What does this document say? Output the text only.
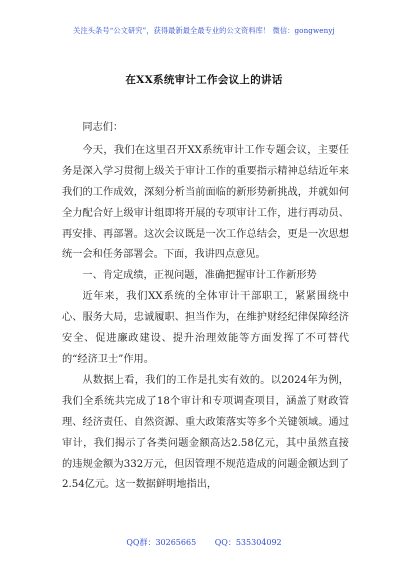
关注头条号“公文研究”，获得最新最全最专业的公文资料库！ 微信：gongwenyj
在XX系统审计工作会议上的讲话

同志们：

今天，我们在这里召开XX系统审计工作专题会议，主要任务是深入学习贯彻上级关于审计工作的重要指示精神总结近年来我们的工作成效，深刻分析当前面临的新形势新挑战，并就如何全力配合好上级审计组即将开展的专项审计工作，进行再动员、再安排、再部署。这次会议既是一次工作总结会，更是一次思想统一会和任务部署会。下面，我讲四点意见。

一、肯定成绩，正视问题，准确把握审计工作新形势

近年来，我们XX系统的全体审计干部职工，紧紧围绕中心、服务大局，忠诚履职、担当作为，在维护财经纪律保障经济安全、促进廉政建设、提升治理效能等方面发挥了不可替代的“经济卫士”作用。

从数据上看，我们的工作是扎实有效的。以2024年为例，我们全系统共完成了18个审计和专项调查项目，涵盖了财政管理、经济责任、自然资源、重大政策落实等多个关键领域。通过审计，我们揭示了各类问题金额高达2.58亿元，其中虽然直接的违规金额为332万元，但因管理不规范造成的问题金额达到了2.54亿元。这一数据鲜明地指出，

QQ群：30265665 QQ：535304092
